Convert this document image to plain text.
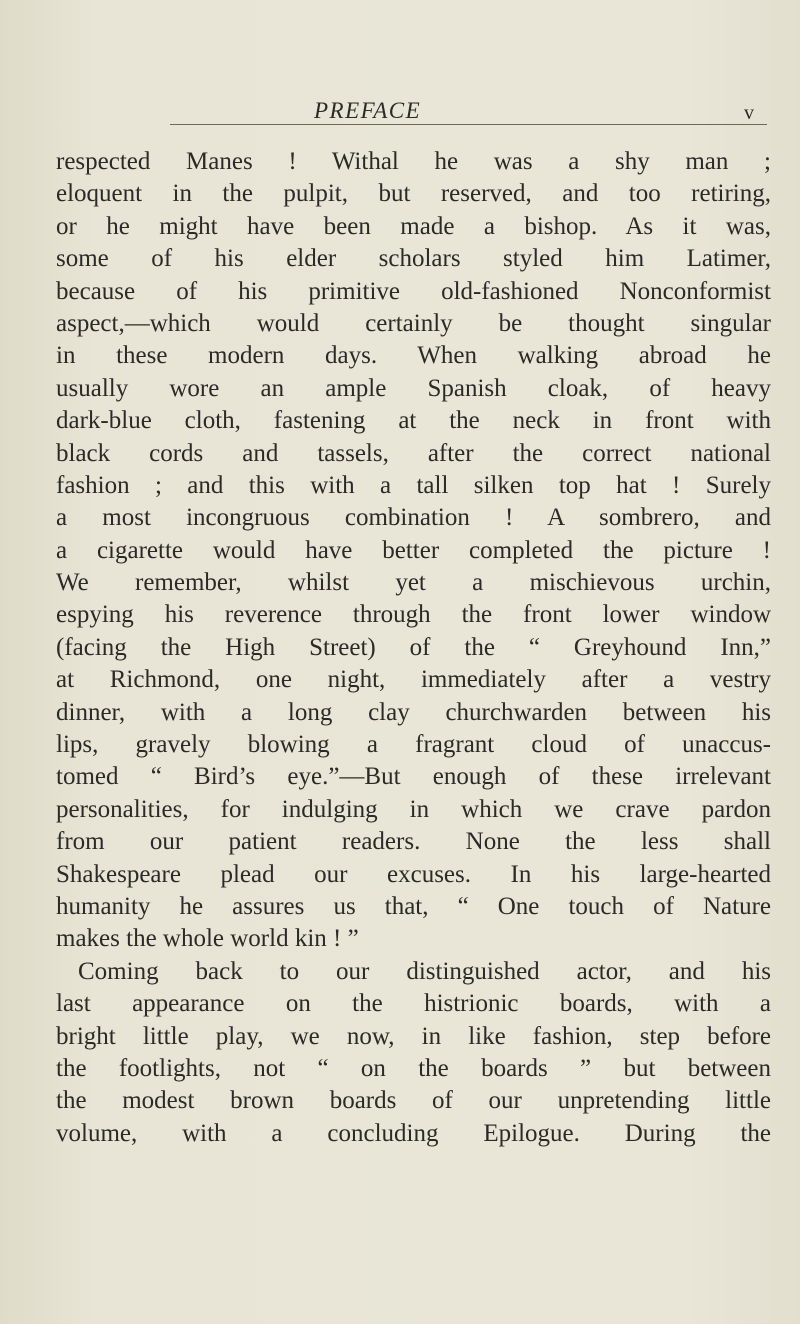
PREFACE	v
respected Manes ! Withal he was a shy man ;
eloquent in the pulpit, but reserved, and too retiring,
or he might have been made a bishop. As it was,
some of his elder scholars styled him Latimer,
because of his primitive old-fashioned Nonconformist
aspect,—which would certainly be thought singular
in these modern days. When walking abroad he
usually wore an ample Spanish cloak, of heavy
dark-blue cloth, fastening at the neck in front with
black cords and tassels, after the correct national
fashion ; and this with a tall silken top hat ! Surely
a most incongruous combination ! A sombrero, and
a cigarette would have better completed the picture !
We remember, whilst yet a mischievous urchin,
espying his reverence through the front lower window
(facing the High Street) of the “ Greyhound Inn,”
at Richmond, one night, immediately after a vestry
dinner, with a long clay churchwarden between his
lips, gravely blowing a fragrant cloud of unaccus-
tomed “ Bird’s eye.”—But enough of these irrelevant
personalities, for indulging in which we crave pardon
from our patient readers. None the less shall
Shakespeare plead our excuses. In his large-hearted
humanity he assures us that, “ One touch of Nature
makes the whole world kin ! ”
Coming back to our distinguished actor, and his
last appearance on the histrionic boards, with a
bright little play, we now, in like fashion, step before
the footlights, not “ on the boards ” but between
the modest brown boards of our unpretending little
volume, with a concluding Epilogue. During the
